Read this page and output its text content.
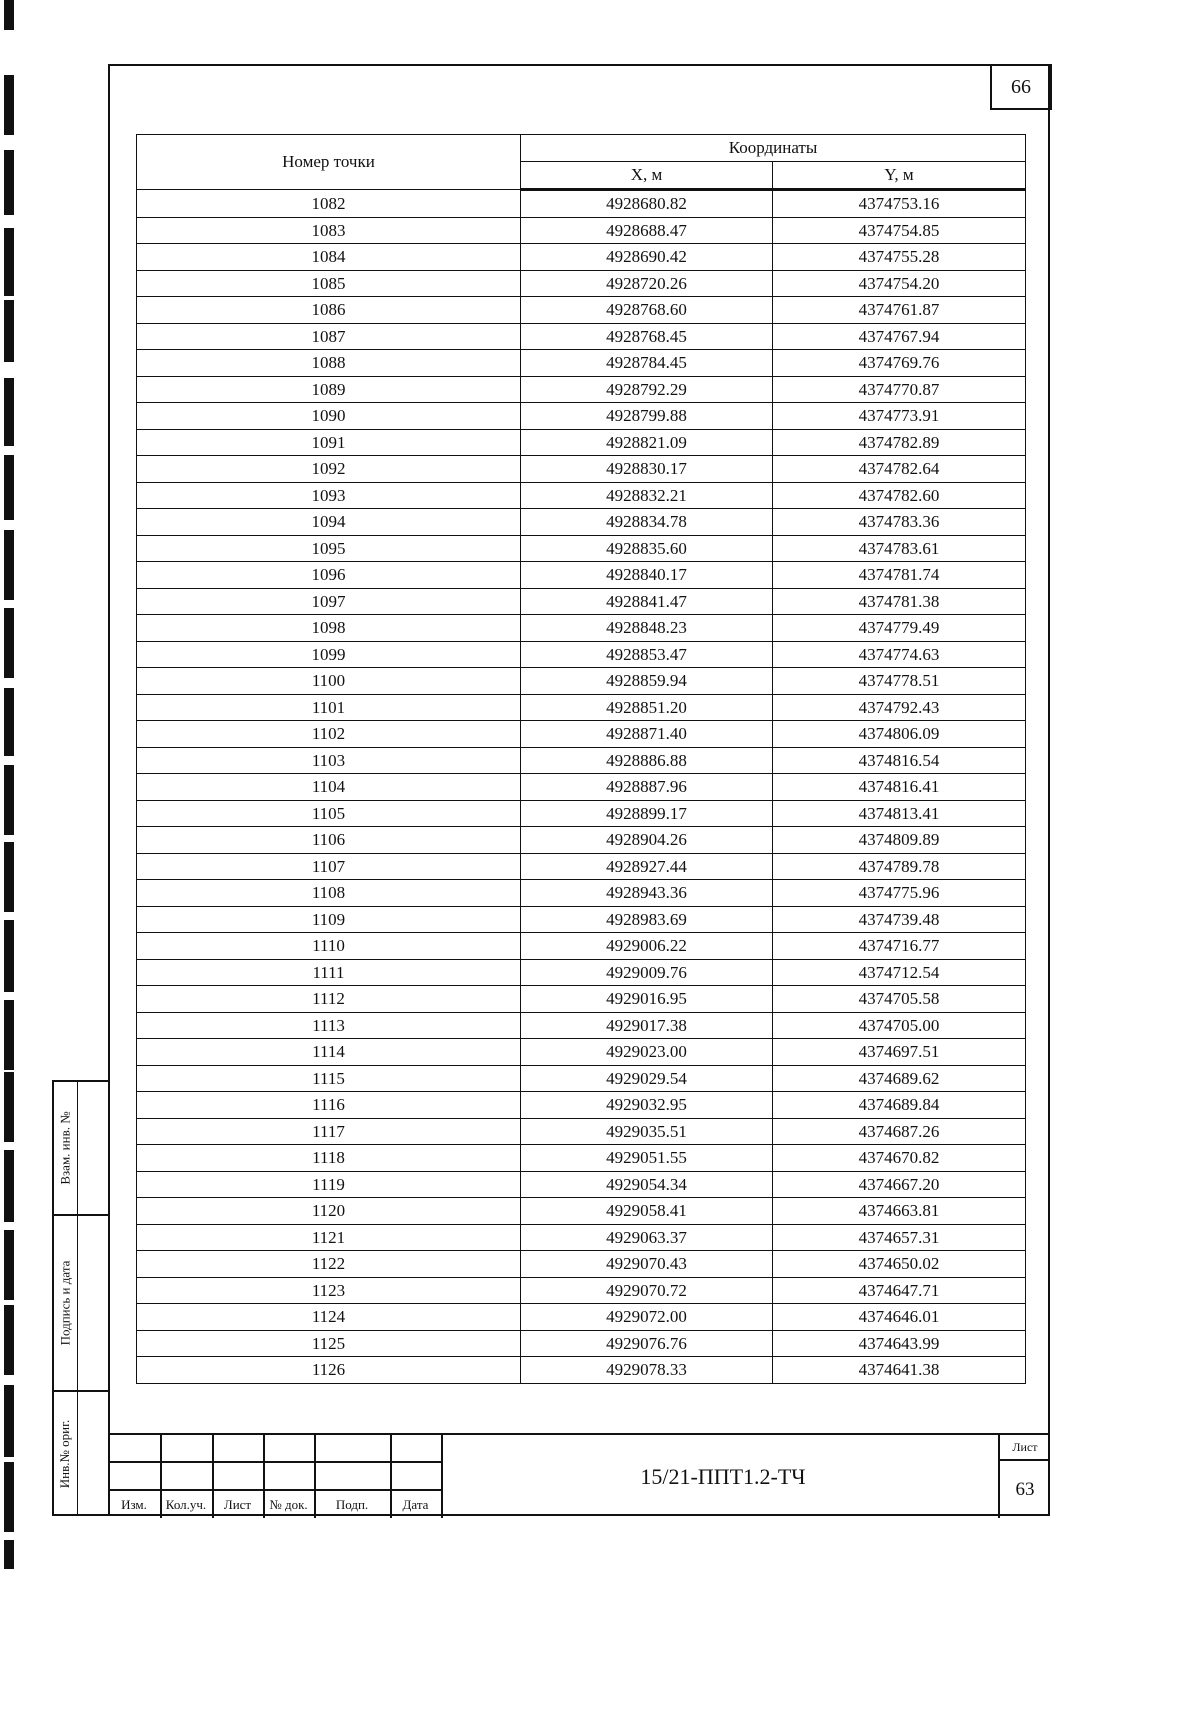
66
Номер точки	Координаты	
	X, м	Y, м
1082	4928680.82	4374753.16
1083	4928688.47	4374754.85
1084	4928690.42	4374755.28
1085	4928720.26	4374754.20
1086	4928768.60	4374761.87
1087	4928768.45	4374767.94
1088	4928784.45	4374769.76
1089	4928792.29	4374770.87
1090	4928799.88	4374773.91
1091	4928821.09	4374782.89
1092	4928830.17	4374782.64
1093	4928832.21	4374782.60
1094	4928834.78	4374783.36
1095	4928835.60	4374783.61
1096	4928840.17	4374781.74
1097	4928841.47	4374781.38
1098	4928848.23	4374779.49
1099	4928853.47	4374774.63
1100	4928859.94	4374778.51
1101	4928851.20	4374792.43
1102	4928871.40	4374806.09
1103	4928886.88	4374816.54
1104	4928887.96	4374816.41
1105	4928899.17	4374813.41
1106	4928904.26	4374809.89
1107	4928927.44	4374789.78
1108	4928943.36	4374775.96
1109	4928983.69	4374739.48
1110	4929006.22	4374716.77
1111	4929009.76	4374712.54
1112	4929016.95	4374705.58
1113	4929017.38	4374705.00
1114	4929023.00	4374697.51
1115	4929029.54	4374689.62
1116	4929032.95	4374689.84
1117	4929035.51	4374687.26
1118	4929051.55	4374670.82
1119	4929054.34	4374667.20
1120	4929058.41	4374663.81
1121	4929063.37	4374657.31
1122	4929070.43	4374650.02
1123	4929070.72	4374647.71
1124	4929072.00	4374646.01
1125	4929076.76	4374643.99
1126	4929078.33	4374641.38
Взам. инв. №
Подпись и дата
Инв.№ ориг.
Изм.	Кол.уч.	Лист	№ док.	Подп.	Дата
15/21-ППТ1.2-ТЧ
Лист
63
